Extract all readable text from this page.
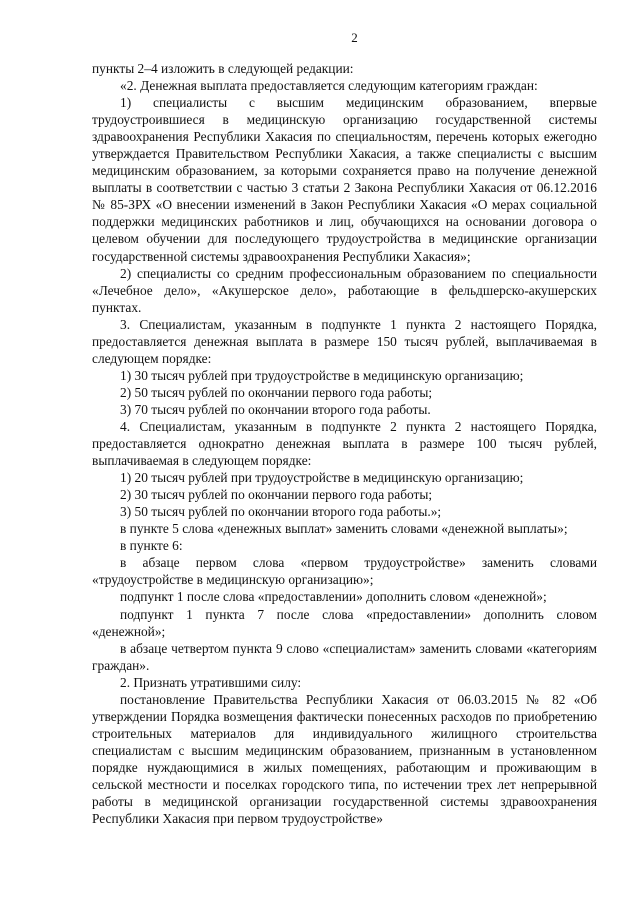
2

пункты 2–4 изложить в следующей редакции:

«2. Денежная выплата предоставляется следующим категориям граждан:

1) специалисты с высшим медицинским образованием, впервые трудоустроившиеся в медицинскую организацию государственной системы здравоохранения Республики Хакасия по специальностям, перечень которых ежегодно утверждается Правительством Республики Хакасия, а также специалисты с высшим медицинским образованием, за которыми сохраняется право на получение денежной выплаты в соответствии с частью 3 статьи 2 Закона Республики Хакасия от 06.12.2016 № 85-ЗРХ «О внесении изменений в Закон Республики Хакасия «О мерах социальной поддержки медицинских работников и лиц, обучающихся на основании договора о целевом обучении для последующего трудоустройства в медицинские организации государственной системы здравоохранения Республики Хакасия»;

2) специалисты со средним профессиональным образованием по специальности «Лечебное дело», «Акушерское дело», работающие в фельдшерско-акушерских пунктах.

3. Специалистам, указанным в подпункте 1 пункта 2 настоящего Порядка, предоставляется денежная выплата в размере 150 тысяч рублей, выплачиваемая в следующем порядке:

1) 30 тысяч рублей при трудоустройстве в медицинскую организацию;

2) 50 тысяч рублей по окончании первого года работы;

3) 70 тысяч рублей по окончании второго года работы.

4. Специалистам, указанным в подпункте 2 пункта 2 настоящего Порядка, предоставляется однократно денежная выплата в размере 100 тысяч рублей, выплачиваемая в следующем порядке:

1) 20 тысяч рублей при трудоустройстве в медицинскую организацию;

2) 30 тысяч рублей по окончании первого года работы;

3) 50 тысяч рублей по окончании второго года работы.»;

в пункте 5 слова «денежных выплат» заменить словами «денежной выплаты»;

в пункте 6:

в абзаце первом слова «первом трудоустройстве» заменить словами «трудоустройстве в медицинскую организацию»;

подпункт 1 после слова «предоставлении» дополнить словом «денежной»;

подпункт 1 пункта 7 после слова «предоставлении» дополнить словом «денежной»;

в абзаце четвертом пункта 9 слово «специалистам» заменить словами «категориям граждан».

2. Признать утратившими силу:

постановление Правительства Республики Хакасия от 06.03.2015 № 82 «Об утверждении Порядка возмещения фактически понесенных расходов по приобретению строительных материалов для индивидуального жилищного строительства специалистам с высшим медицинским образованием, признанным в установленном порядке нуждающимися в жилых помещениях, работающим и проживающим в сельской местности и поселках городского типа, по истечении трех лет непрерывной работы в медицинской организации государственной системы здравоохранения Республики Хакасия при первом трудоустройстве»
